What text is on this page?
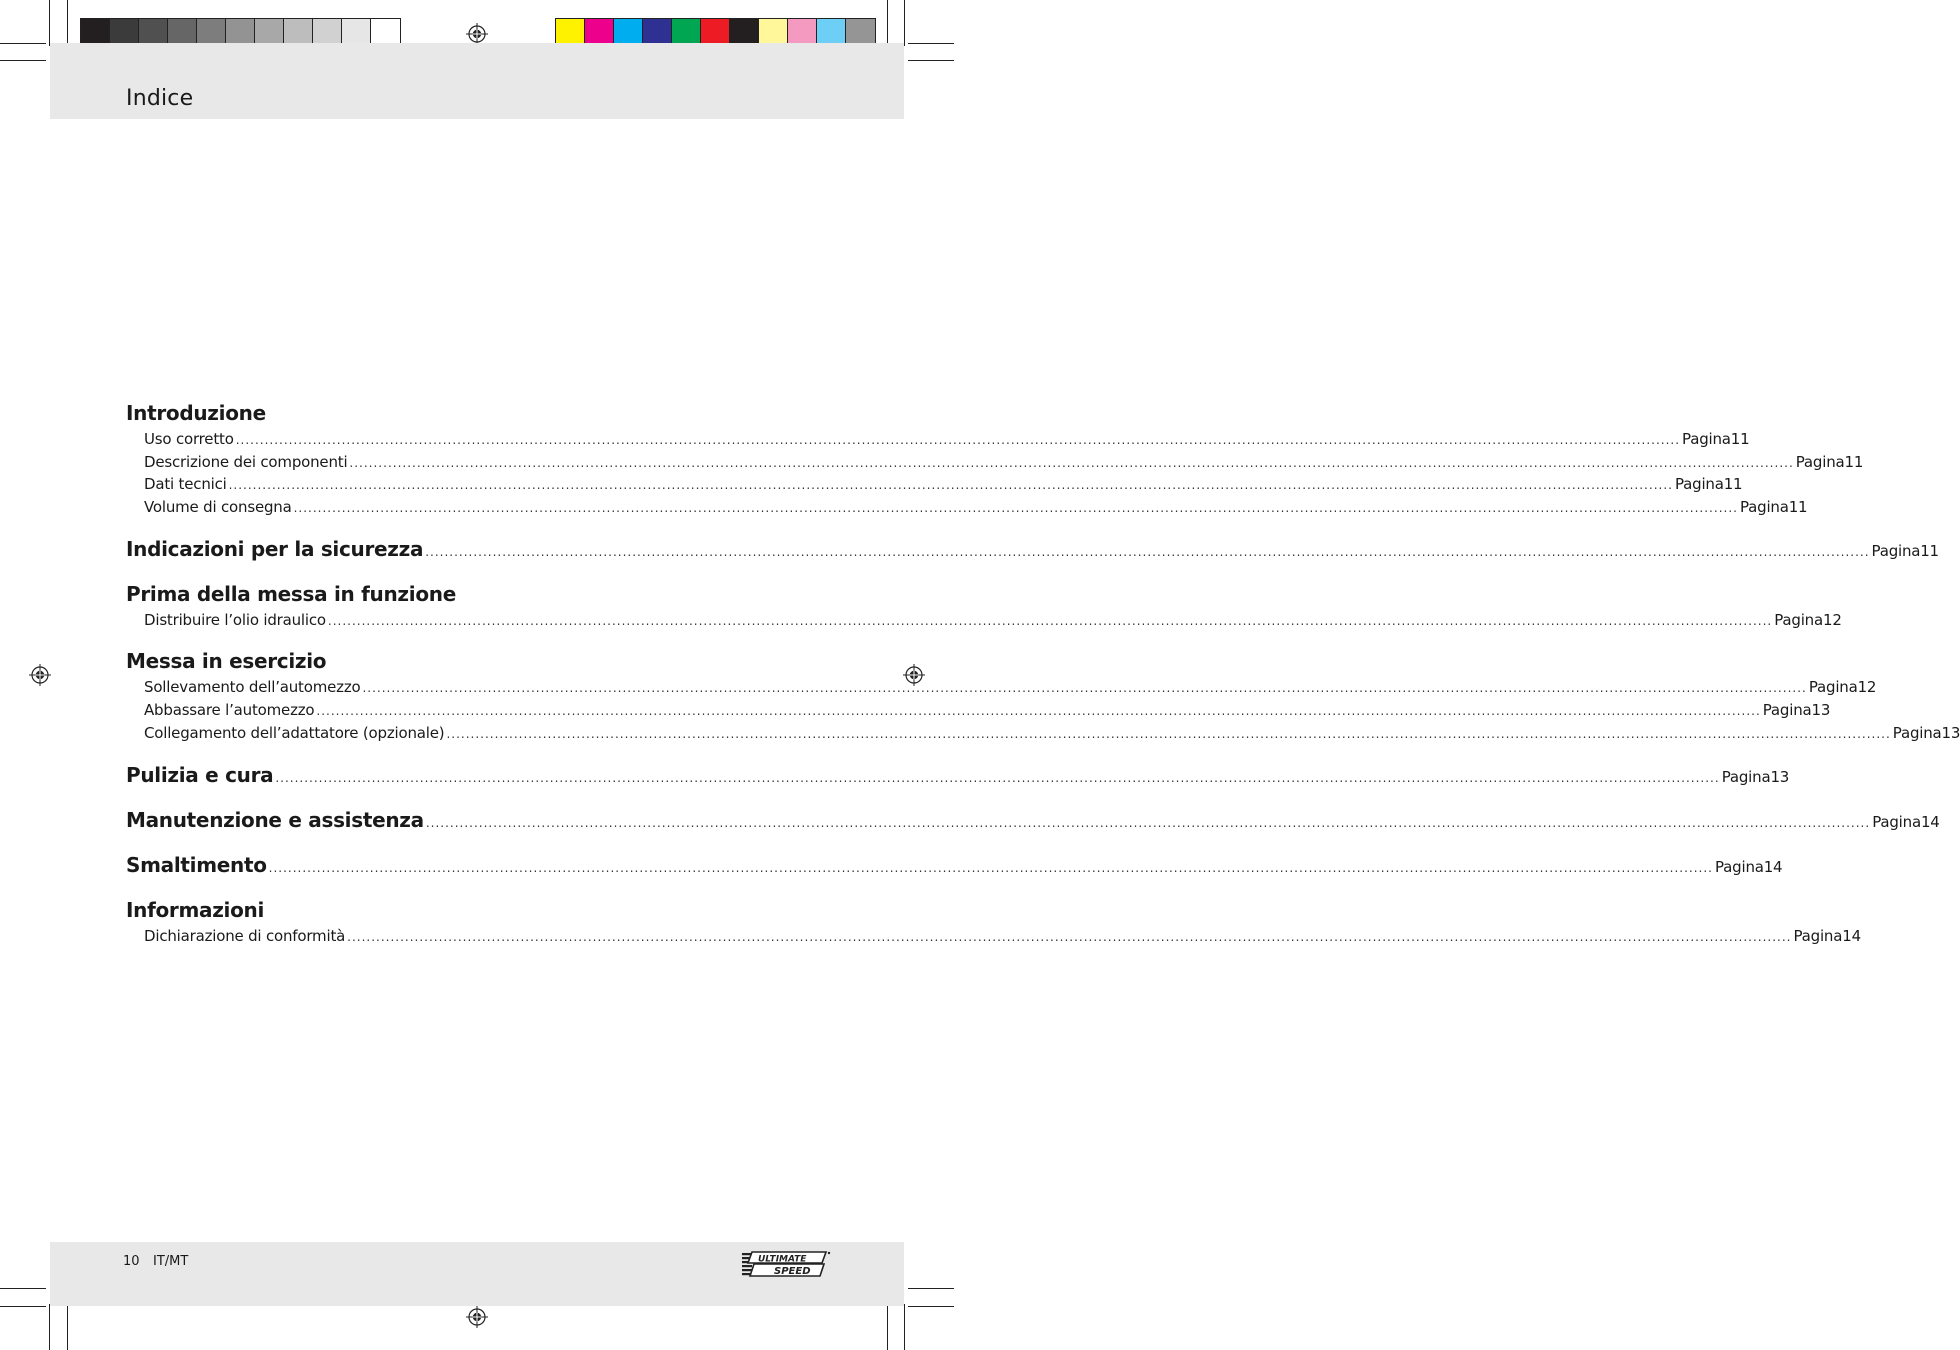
Indice
Introduzione
Uso corretto ............................................................................................................................................................................................................................................................................................................ Pagina 11
Descrizione dei componenti ............................................................................................................................................................................................................................................................................................................ Pagina 11
Dati tecnici ............................................................................................................................................................................................................................................................................................................ Pagina 11
Volume di consegna ............................................................................................................................................................................................................................................................................................................ Pagina 11
Indicazioni per la sicurezza ............................................................................................................................................................................................................................................................................................................ Pagina 11
Prima della messa in funzione
Distribuire l’olio idraulico ............................................................................................................................................................................................................................................................................................................ Pagina 12
Messa in esercizio
Sollevamento dell’automezzo ............................................................................................................................................................................................................................................................................................................ Pagina 12
Abbassare l’automezzo ............................................................................................................................................................................................................................................................................................................ Pagina 13
Collegamento dell’adattatore (opzionale) ............................................................................................................................................................................................................................................................................................................ Pagina 13
Pulizia e cura ............................................................................................................................................................................................................................................................................................................ Pagina 13
Manutenzione e assistenza ............................................................................................................................................................................................................................................................................................................ Pagina 14
Smaltimento ............................................................................................................................................................................................................................................................................................................ Pagina 14
Informazioni
Dichiarazione di conformità ............................................................................................................................................................................................................................................................................................................ Pagina 14
10 IT/MT	ULTIMATE
SPEED
